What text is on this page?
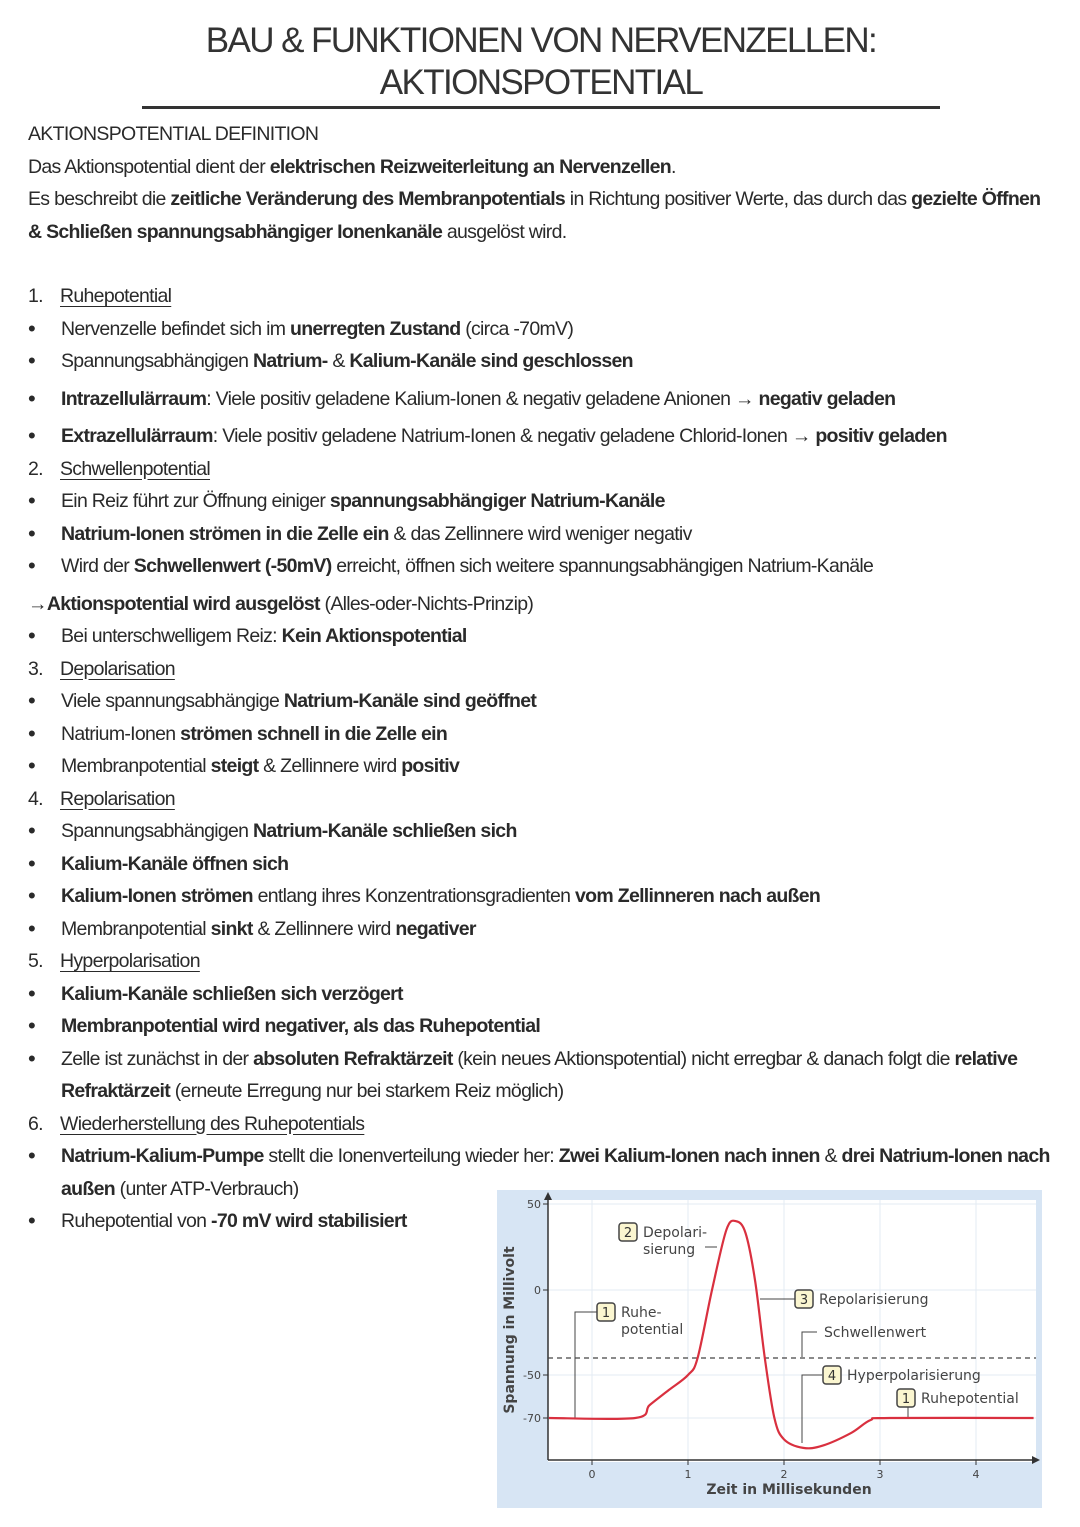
BAU & FUNKTIONEN VON NERVENZELLEN: AKTIONSPOTENTIAL
AKTIONSPOTENTIAL DEFINITION
Das Aktionspotential dient der elektrischen Reizweiterleitung an Nervenzellen.
Es beschreibt die zeitliche Veränderung des Membranpotentials in Richtung positiver Werte, das durch das gezielte Öffnen & Schließen spannungsabhängiger Ionenkanäle ausgelöst wird.
1. Ruhepotential
• Nervenzelle befindet sich im unerregten Zustand (circa -70mV)
• Spannungsabhängigen Natrium- & Kalium-Kanäle sind geschlossen
• Intrazellulärraum: Viele positiv geladene Kalium-Ionen & negativ geladene Anionen → negativ geladen
• Extrazellulärraum: Viele positiv geladene Natrium-Ionen & negativ geladene Chlorid-Ionen → positiv geladen
2. Schwellenpotential
• Ein Reiz führt zur Öffnung einiger spannungsabhängiger Natrium-Kanäle
• Natrium-Ionen strömen in die Zelle ein & das Zellinnere wird weniger negativ
• Wird der Schwellenwert (-50mV) erreicht, öffnen sich weitere spannungsabhängigen Natrium-Kanäle
→Aktionspotential wird ausgelöst (Alles-oder-Nichts-Prinzip)
• Bei unterschwelligem Reiz: Kein Aktionspotential
3. Depolarisation
• Viele spannungsabhängige Natrium-Kanäle sind geöffnet
• Natrium-Ionen strömen schnell in die Zelle ein
• Membranpotential steigt & Zellinnere wird positiv
4. Repolarisation
• Spannungsabhängigen Natrium-Kanäle schließen sich
• Kalium-Kanäle öffnen sich
• Kalium-Ionen strömen entlang ihres Konzentrationsgradienten vom Zellinneren nach außen
• Membranpotential sinkt & Zellinnere wird negativer
5. Hyperpolarisation
• Kalium-Kanäle schließen sich verzögert
• Membranpotential wird negativer, als das Ruhepotential
• Zelle ist zunächst in der absoluten Refraktärzeit (kein neues Aktionspotential) nicht erregbar & danach folgt die relative Refraktärzeit (erneute Erregung nur bei starkem Reiz möglich)
6. Wiederherstellung des Ruhepotentials
• Natrium-Kalium-Pumpe stellt die Ionenverteilung wieder her: Zwei Kalium-Ionen nach innen & drei Natrium-Ionen nach außen (unter ATP-Verbrauch)
• Ruhepotential von -70 mV wird stabilisiert
0	1	2	3	4
50
0
-50
-70
1 Ruhe-
potential
2 Depolari-
sierung
3 Repolarisierung
Schwellenwert
4 Hyperpolarisierung
1 Ruhepotential
Spannung in Millivolt
Zeit in Millisekunden
